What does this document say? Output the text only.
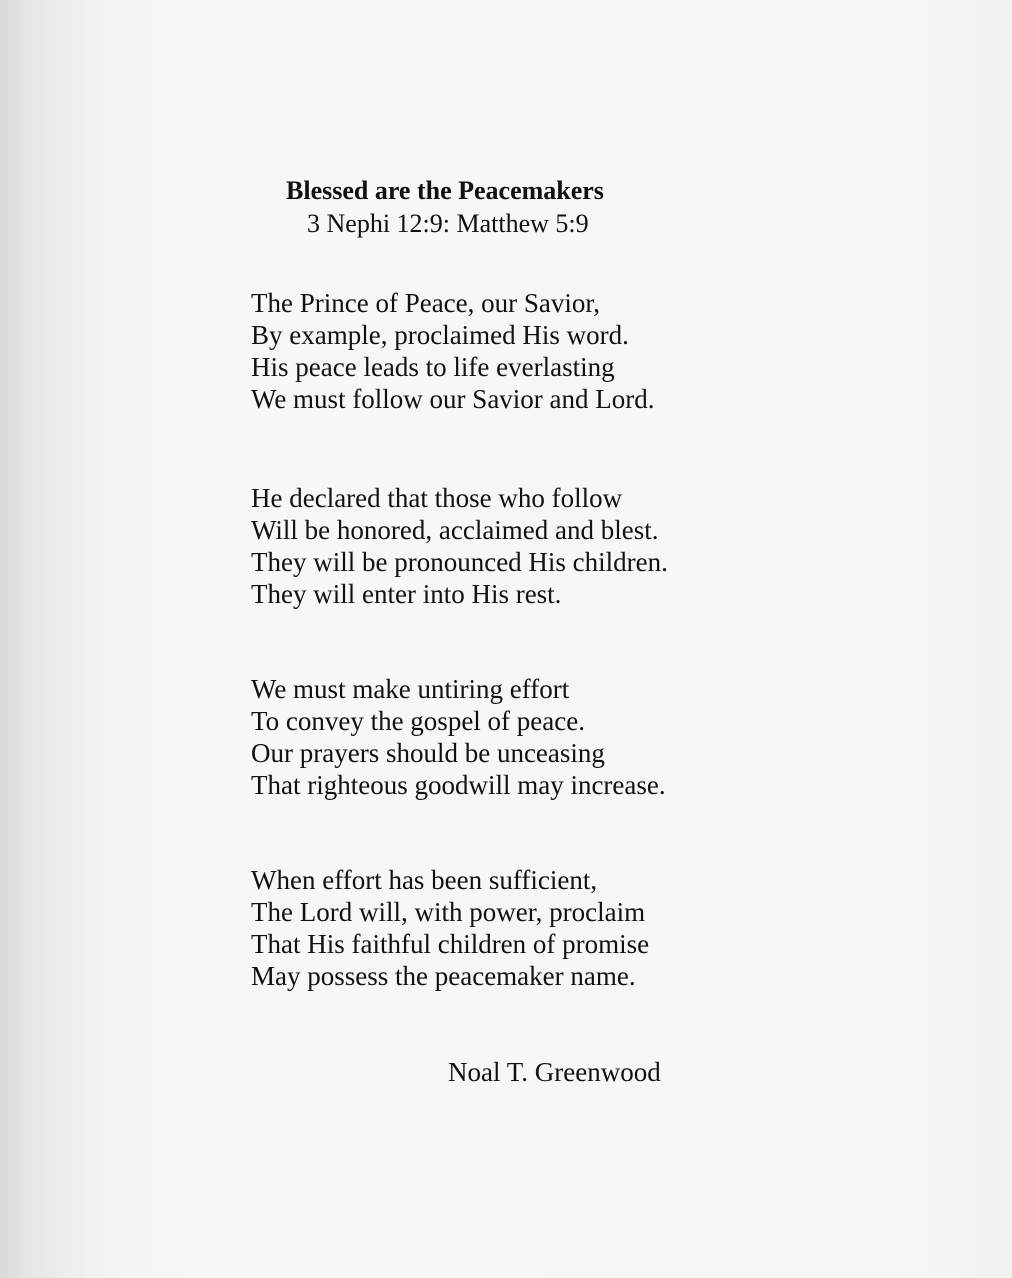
Blessed are the Peacemakers
3 Nephi 12:9: Matthew 5:9
The Prince of Peace, our Savior,
By example, proclaimed His word.
His peace leads to life everlasting
We must follow our Savior and Lord.
He declared that those who follow
Will be honored, acclaimed and blest.
They will be pronounced His children.
They will enter into His rest.
We must make untiring effort
To convey the gospel of peace.
Our prayers should be unceasing
That righteous goodwill may increase.
When effort has been sufficient,
The Lord will, with power, proclaim
That His faithful children of promise
May possess the peacemaker name.
Noal T. Greenwood
